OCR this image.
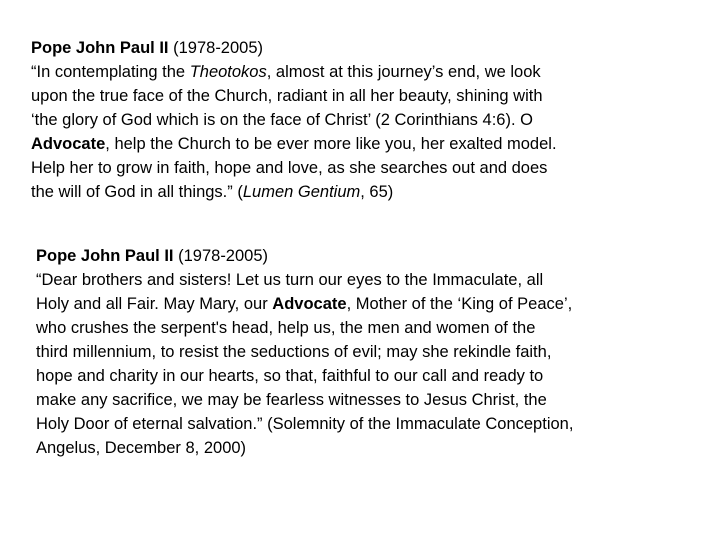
Pope John Paul II (1978-2005)
“In contemplating the Theotokos, almost at this journey’s end, we look
upon the true face of the Church, radiant in all her beauty, shining with
‘the glory of God which is on the face of Christ’ (2 Corinthians 4:6). O
Advocate, help the Church to be ever more like you, her exalted model.
Help her to grow in faith, hope and love, as she searches out and does
the will of God in all things.” (Lumen Gentium, 65)
Pope John Paul II (1978-2005)
“Dear brothers and sisters! Let us turn our eyes to the Immaculate, all
Holy and all Fair. May Mary, our Advocate, Mother of the ‘King of Peace’,
who crushes the serpent's head, help us, the men and women of the
third millennium, to resist the seductions of evil; may she rekindle faith,
hope and charity in our hearts, so that, faithful to our call and ready to
make any sacrifice, we may be fearless witnesses to Jesus Christ, the
Holy Door of eternal salvation.” (Solemnity of the Immaculate Conception,
Angelus, December 8, 2000)
